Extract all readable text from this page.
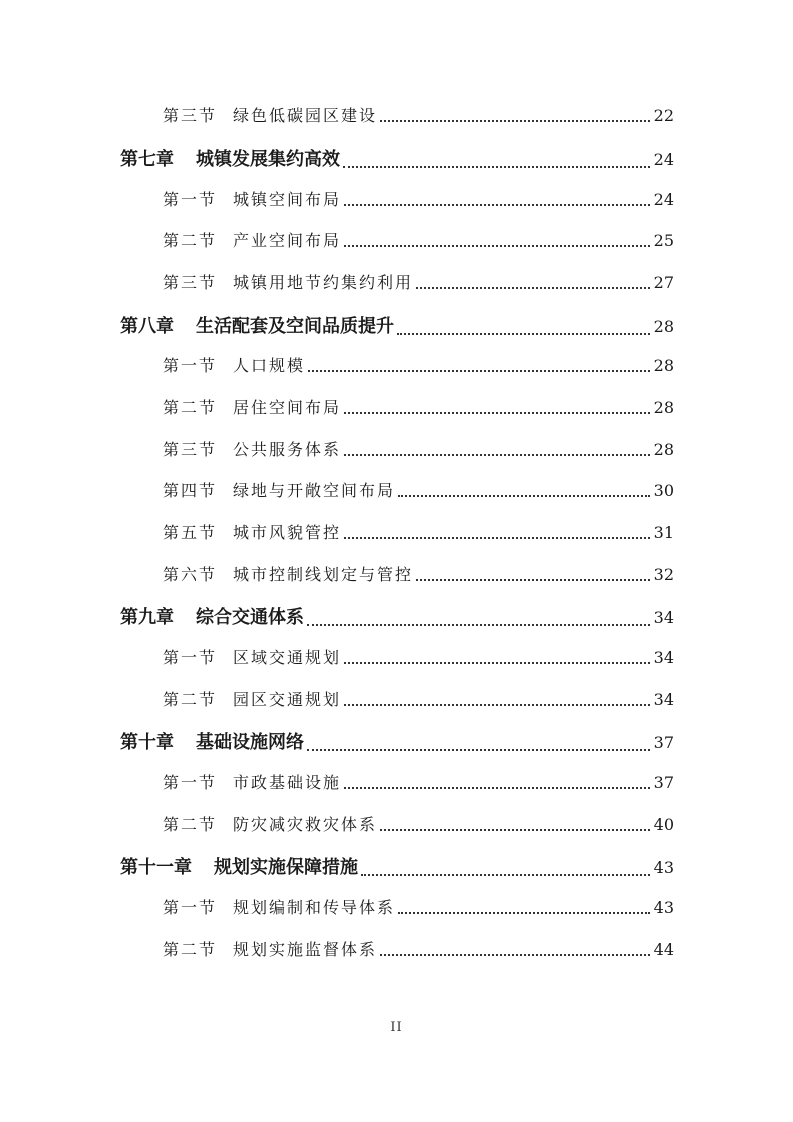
第三节 绿色低碳园区建设	22
第七章 城镇发展集约高效	24
第一节 城镇空间布局	24
第二节 产业空间布局	25
第三节 城镇用地节约集约利用	27
第八章 生活配套及空间品质提升	28
第一节 人口规模	28
第二节 居住空间布局	28
第三节 公共服务体系	28
第四节 绿地与开敞空间布局	30
第五节 城市风貌管控	31
第六节 城市控制线划定与管控	32
第九章 综合交通体系	34
第一节 区域交通规划	34
第二节 园区交通规划	34
第十章 基础设施网络	37
第一节 市政基础设施	37
第二节 防灾减灾救灾体系	40
第十一章 规划实施保障措施	43
第一节 规划编制和传导体系	43
第二节 规划实施监督体系	44
II
